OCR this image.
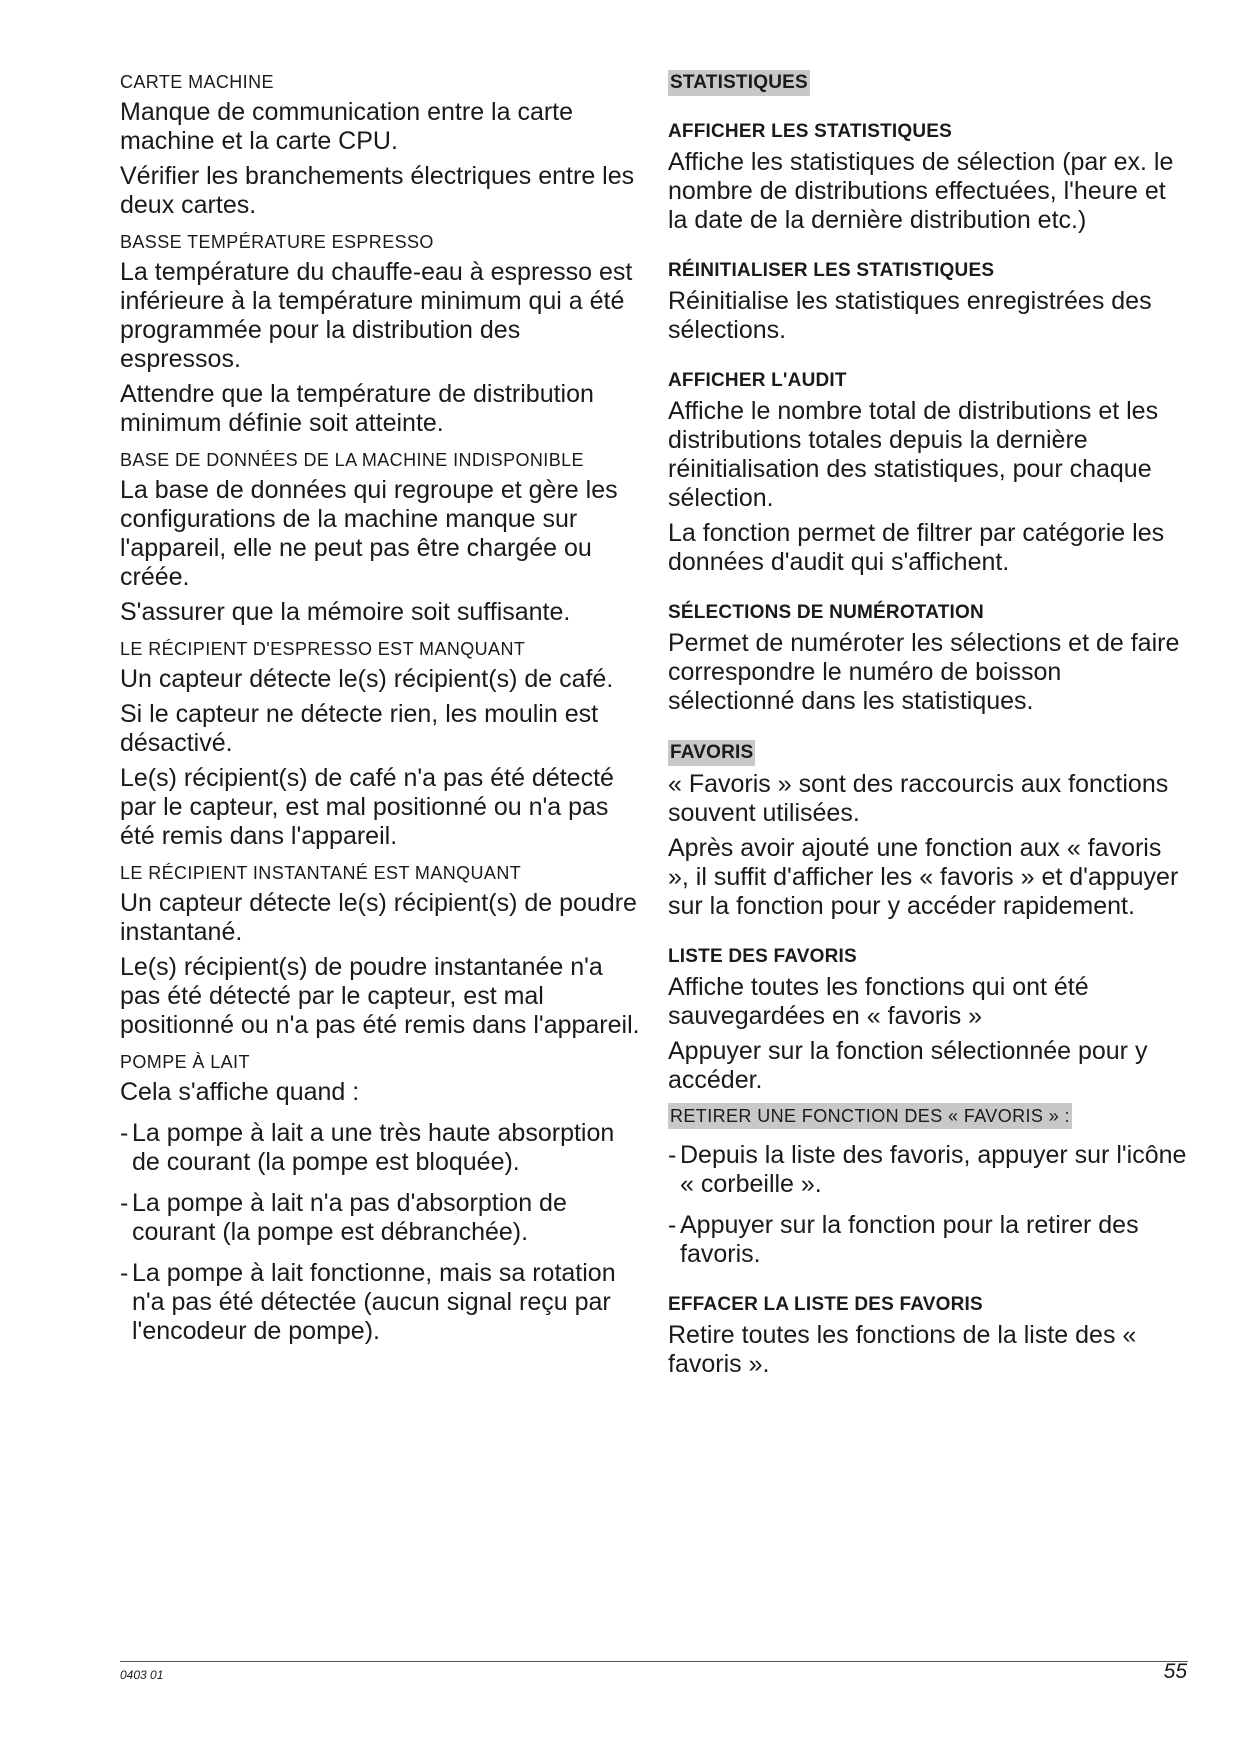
CARTE MACHINE
Manque de communication entre la carte machine et la carte CPU.
Vérifier les branchements électriques entre les deux cartes.
BASSE TEMPÉRATURE ESPRESSO
La température du chauffe-eau à espresso est inférieure à la température minimum qui a été programmée pour la distribution des espressos.
Attendre que la température de distribution minimum définie soit atteinte.
BASE DE DONNÉES DE LA MACHINE INDISPONIBLE
La base de données qui regroupe et gère les configurations de la machine manque sur l'appareil, elle ne peut pas être chargée ou créée.
S'assurer que la mémoire soit suffisante.
LE RÉCIPIENT D'ESPRESSO EST MANQUANT
Un capteur détecte le(s) récipient(s) de café.
Si le capteur ne détecte rien, les moulin est désactivé.
Le(s) récipient(s) de café n'a pas été détecté par le capteur, est mal positionné ou n'a pas été remis dans l'appareil.
LE RÉCIPIENT INSTANTANÉ EST MANQUANT
Un capteur détecte le(s) récipient(s) de poudre instantané.
Le(s) récipient(s) de poudre instantanée n'a pas été détecté par le capteur, est mal positionné ou n'a pas été remis dans l'appareil.
POMPE À LAIT
Cela s'affiche quand :
- La pompe à lait a une très haute absorption de courant (la pompe est bloquée).
- La pompe à lait n'a pas d'absorption de courant (la pompe est débranchée).
- La pompe à lait fonctionne, mais sa rotation n'a pas été détectée (aucun signal reçu par l'encodeur de pompe).
STATISTIQUES
AFFICHER LES STATISTIQUES
Affiche les statistiques de sélection (par ex. le nombre de distributions effectuées, l'heure et la date de la dernière distribution etc.)
RÉINITIALISER LES STATISTIQUES
Réinitialise les statistiques enregistrées des sélections.
AFFICHER L'AUDIT
Affiche le nombre total de distributions et les distributions totales depuis la dernière réinitialisation des statistiques, pour chaque sélection.
La fonction permet de filtrer par catégorie les données d'audit qui s'affichent.
SÉLECTIONS DE NUMÉROTATION
Permet de numéroter les sélections et de faire correspondre le numéro de boisson sélectionné dans les statistiques.
FAVORIS
« Favoris » sont des raccourcis aux fonctions souvent utilisées.
Après avoir ajouté une fonction aux « favoris », il suffit d'afficher les « favoris » et d'appuyer sur la fonction pour y accéder rapidement.
LISTE DES FAVORIS
Affiche toutes les fonctions qui ont été sauvegardées en « favoris »
Appuyer sur la fonction sélectionnée pour y accéder.
RETIRER UNE FONCTION DES « FAVORIS » :
- Depuis la liste des favoris, appuyer sur l'icône « corbeille ».
- Appuyer sur la fonction pour la retirer des favoris.
EFFACER LA LISTE DES FAVORIS
Retire toutes les fonctions de la liste des « favoris ».
0403 01	55
